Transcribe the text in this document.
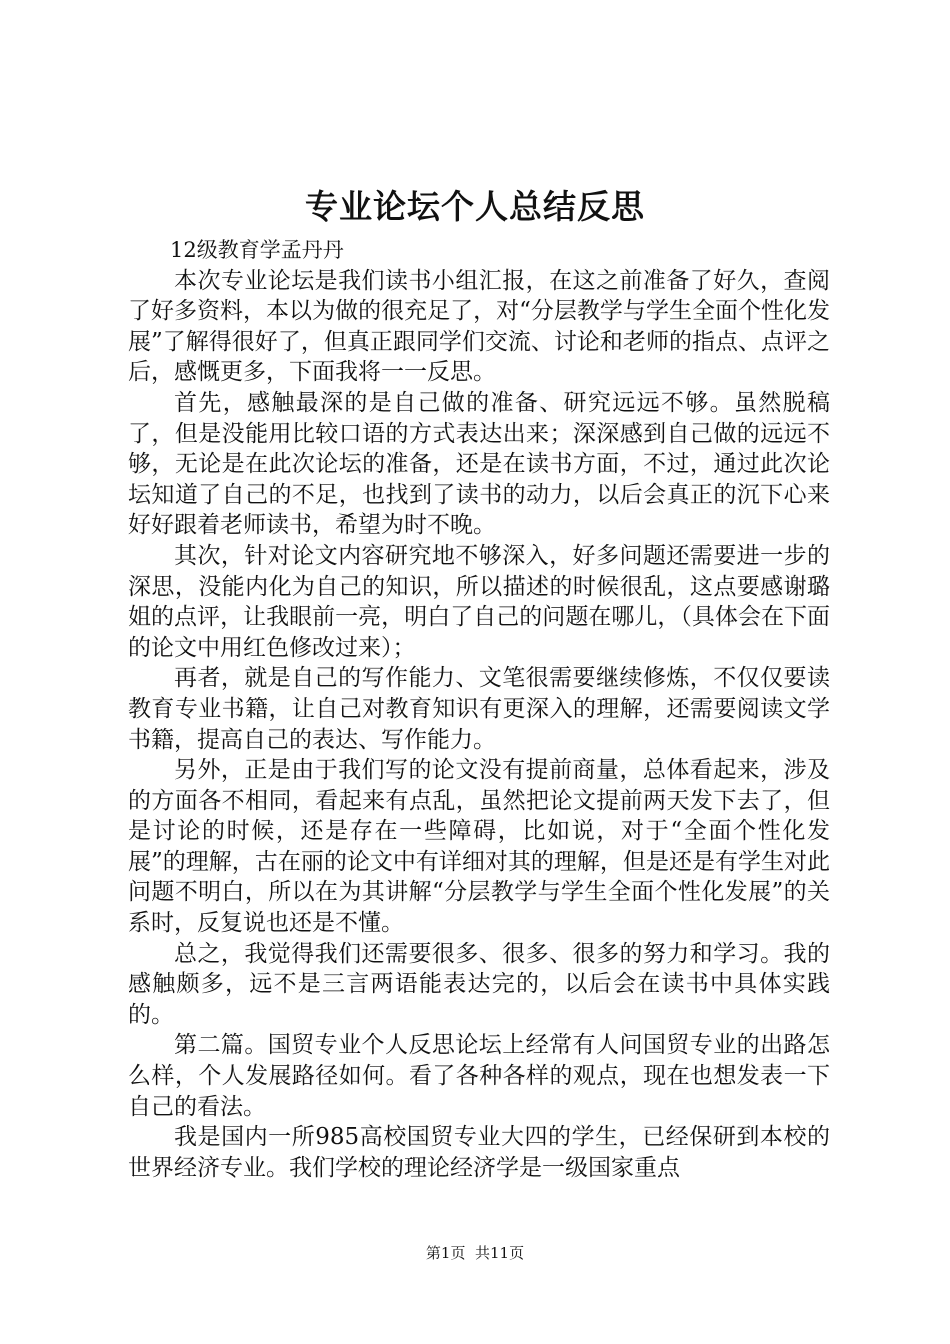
专业论坛个人总结反思

12级教育学孟丹丹

本次专业论坛是我们读书小组汇报，在这之前准备了好久，查阅了好多资料，本以为做的很充足了，对“分层教学与学生全面个性化发展”了解得很好了，但真正跟同学们交流、讨论和老师的指点、点评之后，感慨更多，下面我将一一反思。

首先，感触最深的是自己做的准备、研究远远不够。虽然脱稿了，但是没能用比较口语的方式表达出来；深深感到自己做的远远不够，无论是在此次论坛的准备，还是在读书方面，不过，通过此次论坛知道了自己的不足，也找到了读书的动力，以后会真正的沉下心来好好跟着老师读书，希望为时不晚。

其次，针对论文内容研究地不够深入，好多问题还需要进一步的深思，没能内化为自己的知识，所以描述的时候很乱，这点要感谢璐姐的点评，让我眼前一亮，明白了自己的问题在哪儿，（具体会在下面的论文中用红色修改过来）；

再者，就是自己的写作能力、文笔很需要继续修炼，不仅仅要读教育专业书籍，让自己对教育知识有更深入的理解，还需要阅读文学书籍，提高自己的表达、写作能力。

另外，正是由于我们写的论文没有提前商量，总体看起来，涉及的方面各不相同，看起来有点乱，虽然把论文提前两天发下去了，但是讨论的时候，还是存在一些障碍，比如说，对于“全面个性化发展”的理解，古在丽的论文中有详细对其的理解，但是还是有学生对此问题不明白，所以在为其讲解“分层教学与学生全面个性化发展”的关系时，反复说也还是不懂。

总之，我觉得我们还需要很多、很多、很多的努力和学习。我的感触颇多，远不是三言两语能表达完的，以后会在读书中具体实践的。

第二篇。国贸专业个人反思论坛上经常有人问国贸专业的出路怎么样，个人发展路径如何。看了各种各样的观点，现在也想发表一下自己的看法。

我是国内一所985高校国贸专业大四的学生，已经保研到本校的世界经济专业。我们学校的理论经济学是一级国家重点

第1页 共11页
